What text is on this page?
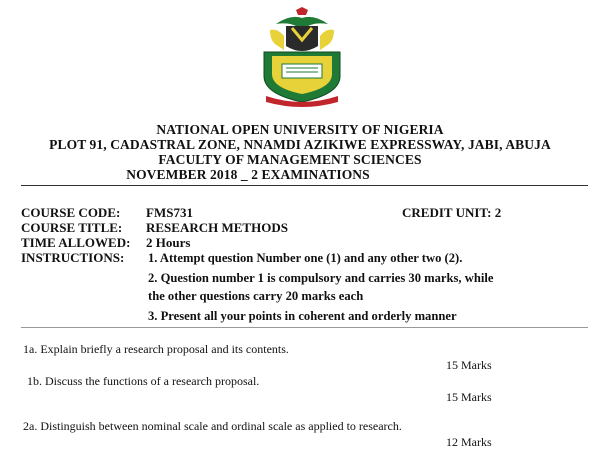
NATIONAL OPEN UNIVERSITY OF NIGERIA
PLOT 91, CADASTRAL ZONE, NNAMDI AZIKIWE EXPRESSWAY, JABI, ABUJA
FACULTY OF MANAGEMENT SCIENCES
NOVEMBER 2018 _ 2 EXAMINATIONS
COURSE CODE: FMS731	CREDIT UNIT: 2
COURSE TITLE: RESEARCH METHODS
TIME ALLOWED: 2 Hours
INSTRUCTIONS: 1. Attempt question Number one (1) and any other two (2).
2. Question number 1 is compulsory and carries 30 marks, while
the other questions carry 20 marks each
3. Present all your points in coherent and orderly manner
1a. Explain briefly a research proposal and its contents.
15 Marks
1b. Discuss the functions of a research proposal.
15 Marks
2a. Distinguish between nominal scale and ordinal scale as applied to research.
12 Marks
